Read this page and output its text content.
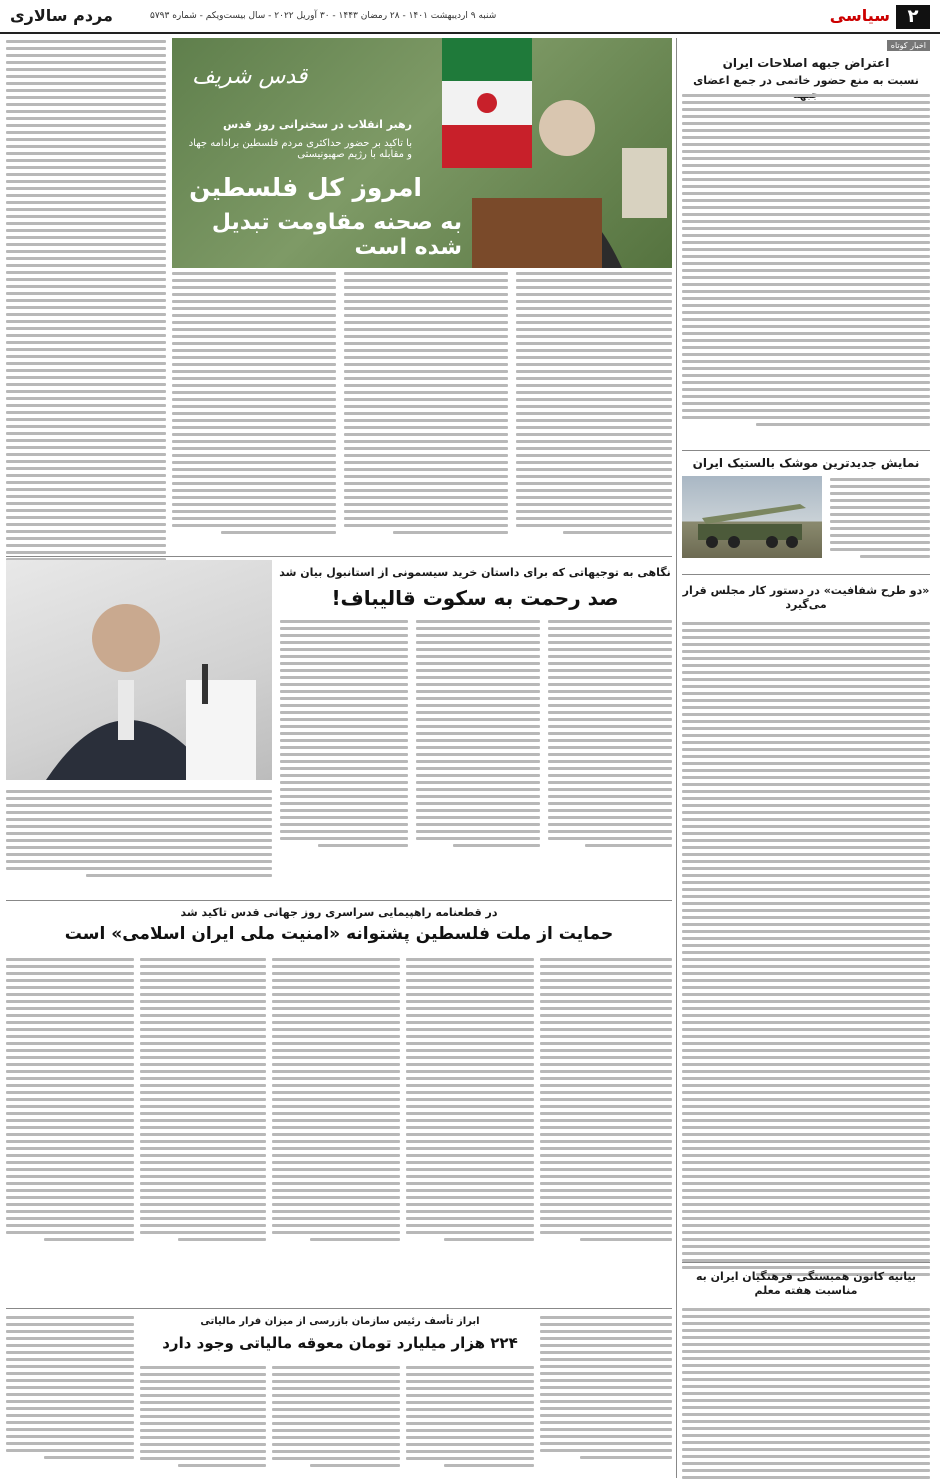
۲
سیاسی
شنبه ۹ اردیبهشت ۱۴۰۱ - ۲۸ رمضان ۱۴۴۳ - ۳۰ آوریل ۲۰۲۲ - سال بیست‌و‌یکم - شماره ۵۷۹۳
مردم سالاری
اخبار کوتاه
اعتراض جبهه اصلاحات ایران
نسبت به منع حضور خاتمی در جمع اعضای
نمایش جدیدترین موشک بالستیک ایران
«دو طرح شفافیت» در دستور کار مجلس قرار می‌گیرد
بیانیه کانون همبستگی فرهنگیان ایران به مناسبت هفته معلم
قدس شریف
رهبر انقلاب در سخنرانی روز قدس
با تاکید بر حضور حداکثری مردم فلسطین برادامه جهاد و مقابله با رژیم صهیونیستی
امروز کل فلسطین
به صحنه مقاومت تبدیل شده است
نگاهی به توجیهاتی که برای داستان خرید سیسمونی از استانبول بیان شد
صد رحمت به سکوت قالیباف!
در قطعنامه راهپیمایی سراسری روز جهانی قدس تاکید شد
حمایت از ملت فلسطین پشتوانه «امنیت ملی ایران اسلامی» است
ابراز تأسف رئیس سازمان بازرسی از میزان فرار مالیاتی
۲۲۴ هزار میلیارد تومان معوقه مالیاتی وجود دارد
